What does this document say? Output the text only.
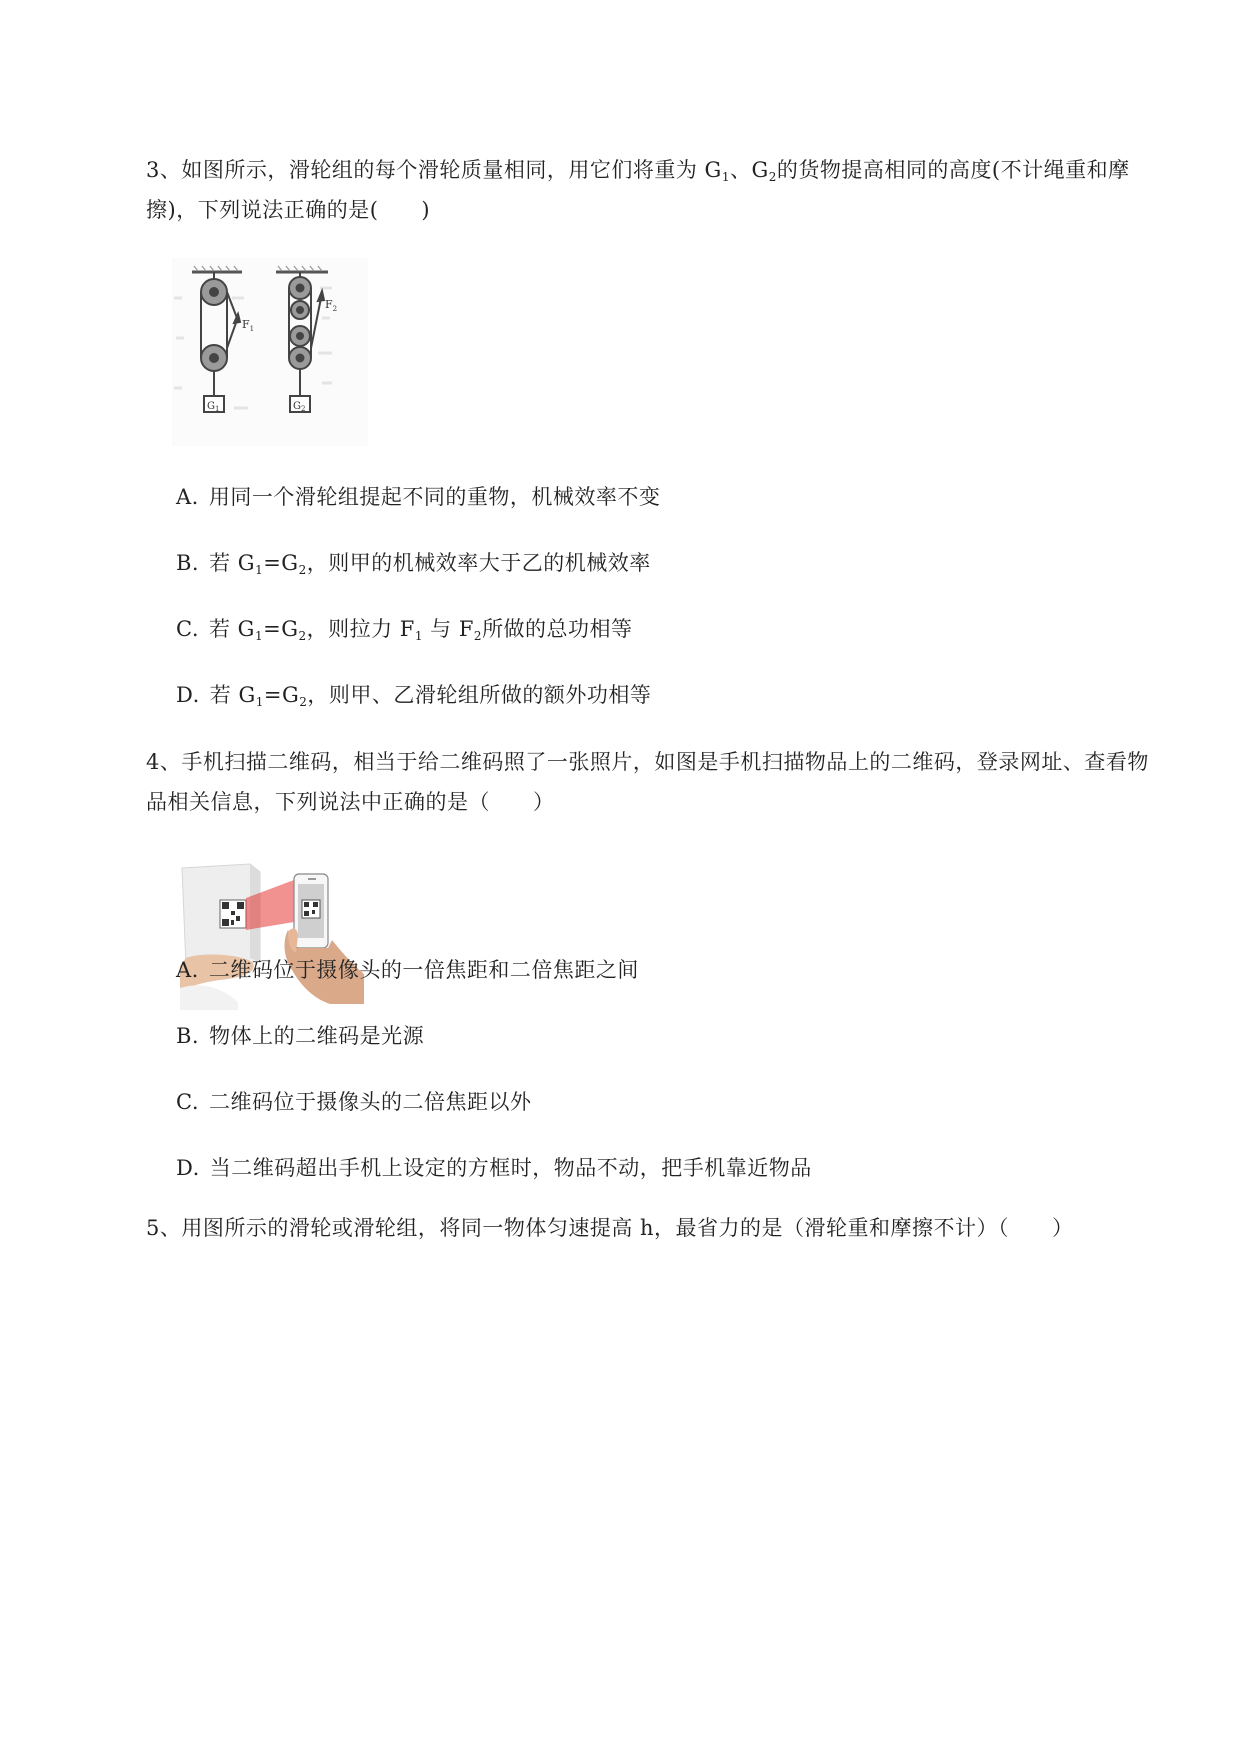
3、如图所示，滑轮组的每个滑轮质量相同，用它们将重为 $G_1$、$G_2$的货物提高相同的高度(不计绳重和摩擦)，下列说法正确的是(　　)
$F_1$
$G_1$
$F_2$
$G_2$
A. 用同一个滑轮组提起不同的重物，机械效率不变
B. 若 $G_1=G_2$，则甲的机械效率大于乙的机械效率
C. 若 $G_1=G_2$，则拉力 $F_1$ 与 $F_2$所做的总功相等
D. 若 $G_1=G_2$，则甲、乙滑轮组所做的额外功相等
4、手机扫描二维码，相当于给二维码照了一张照片，如图是手机扫描物品上的二维码，登录网址、查看物品相关信息，下列说法中正确的是（　　）
A. 二维码位于摄像头的一倍焦距和二倍焦距之间
B. 物体上的二维码是光源
C. 二维码位于摄像头的二倍焦距以外
D. 当二维码超出手机上设定的方框时，物品不动，把手机靠近物品
5、用图所示的滑轮或滑轮组，将同一物体匀速提高 h，最省力的是（滑轮重和摩擦不计）（　　）
